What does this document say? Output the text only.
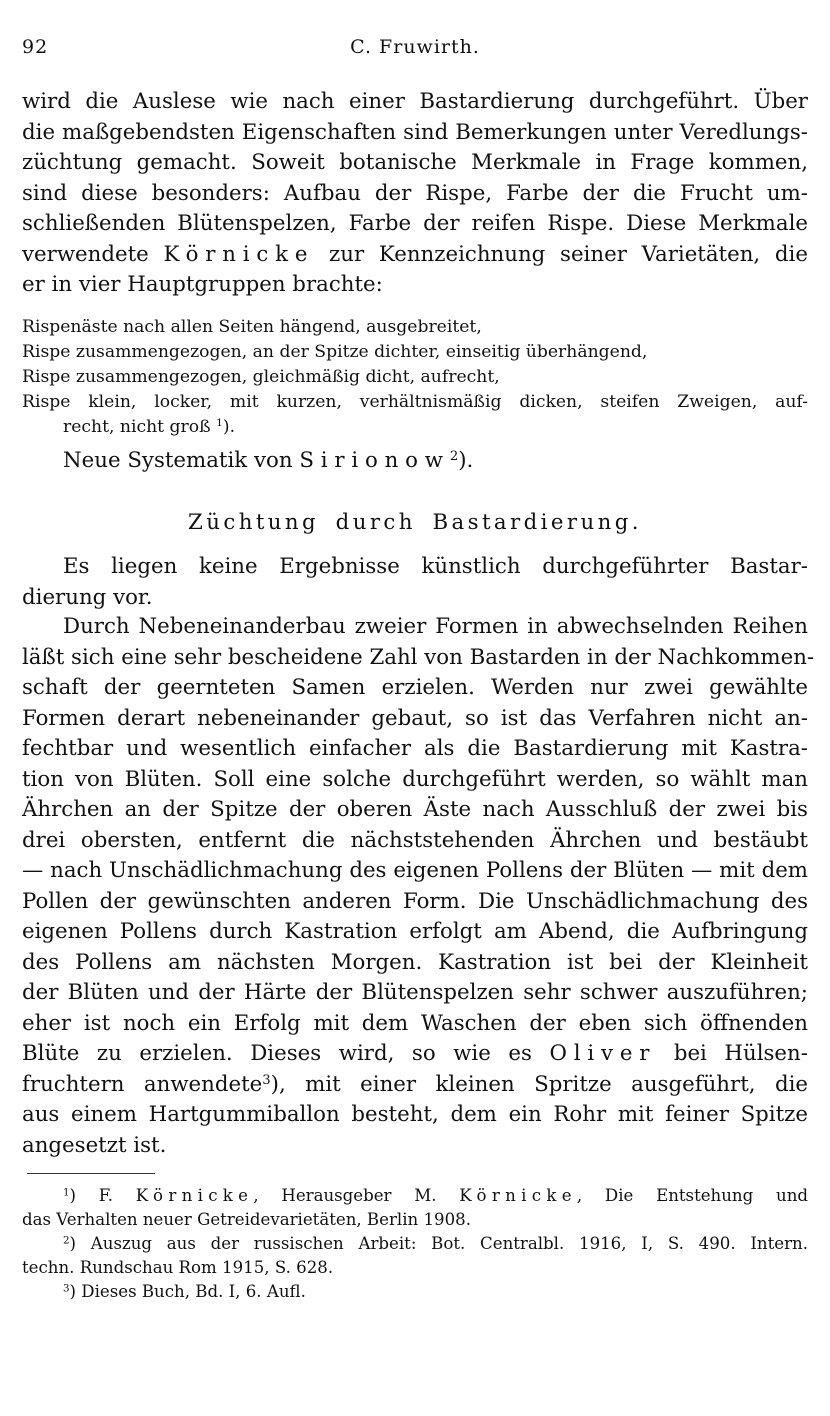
92	C. Fruwirth.
wird die Auslese wie nach einer Bastardierung durchgeführt. Über
die maßgebendsten Eigenschaften sind Bemerkungen unter Veredlungs-
züchtung gemacht. Soweit botanische Merkmale in Frage kommen,
sind diese besonders: Aufbau der Rispe, Farbe der die Frucht um-
schließenden Blütenspelzen, Farbe der reifen Rispe. Diese Merkmale
verwendete Körnicke zur Kennzeichnung seiner Varietäten, die
er in vier Hauptgruppen brachte:
Rispenäste nach allen Seiten hängend, ausgebreitet,
Rispe zusammengezogen, an der Spitze dichter, einseitig überhängend,
Rispe zusammengezogen, gleichmäßig dicht, aufrecht,
Rispe klein, locker, mit kurzen, verhältnismäßig dicken, steifen Zweigen, auf-
recht, nicht groß $^1$).
Neue Systematik von Sirionow$^2$).
Züchtung durch Bastardierung.
Es liegen keine Ergebnisse künstlich durchgeführter Bastar-
dierung vor.
Durch Nebeneinanderbau zweier Formen in abwechselnden Reihen
läßt sich eine sehr bescheidene Zahl von Bastarden in der Nachkommen-
schaft der geernteten Samen erzielen. Werden nur zwei gewählte
Formen derart nebeneinander gebaut, so ist das Verfahren nicht an-
fechtbar und wesentlich einfacher als die Bastardierung mit Kastra-
tion von Blüten. Soll eine solche durchgeführt werden, so wählt man
Ährchen an der Spitze der oberen Äste nach Ausschluß der zwei bis
drei obersten, entfernt die nächststehenden Ährchen und bestäubt
— nach Unschädlichmachung des eigenen Pollens der Blüten — mit dem
Pollen der gewünschten anderen Form. Die Unschädlichmachung des
eigenen Pollens durch Kastration erfolgt am Abend, die Aufbringung
des Pollens am nächsten Morgen. Kastration ist bei der Kleinheit
der Blüten und der Härte der Blütenspelzen sehr schwer auszuführen;
eher ist noch ein Erfolg mit dem Waschen der eben sich öffnenden
Blüte zu erzielen. Dieses wird, so wie es Oliver bei Hülsen-
fruchtern anwendete$^3$), mit einer kleinen Spritze ausgeführt, die
aus einem Hartgummiballon besteht, dem ein Rohr mit feiner Spitze
angesetzt ist.
$^1$) F. Körnicke, Herausgeber M. Körnicke, Die Entstehung und
das Verhalten neuer Getreidevarietäten, Berlin 1908.
$^2$) Auszug aus der russischen Arbeit: Bot. Centralbl. 1916, I, S. 490. Intern.
techn. Rundschau Rom 1915, S. 628.
$^3$) Dieses Buch, Bd. I, 6. Aufl.
